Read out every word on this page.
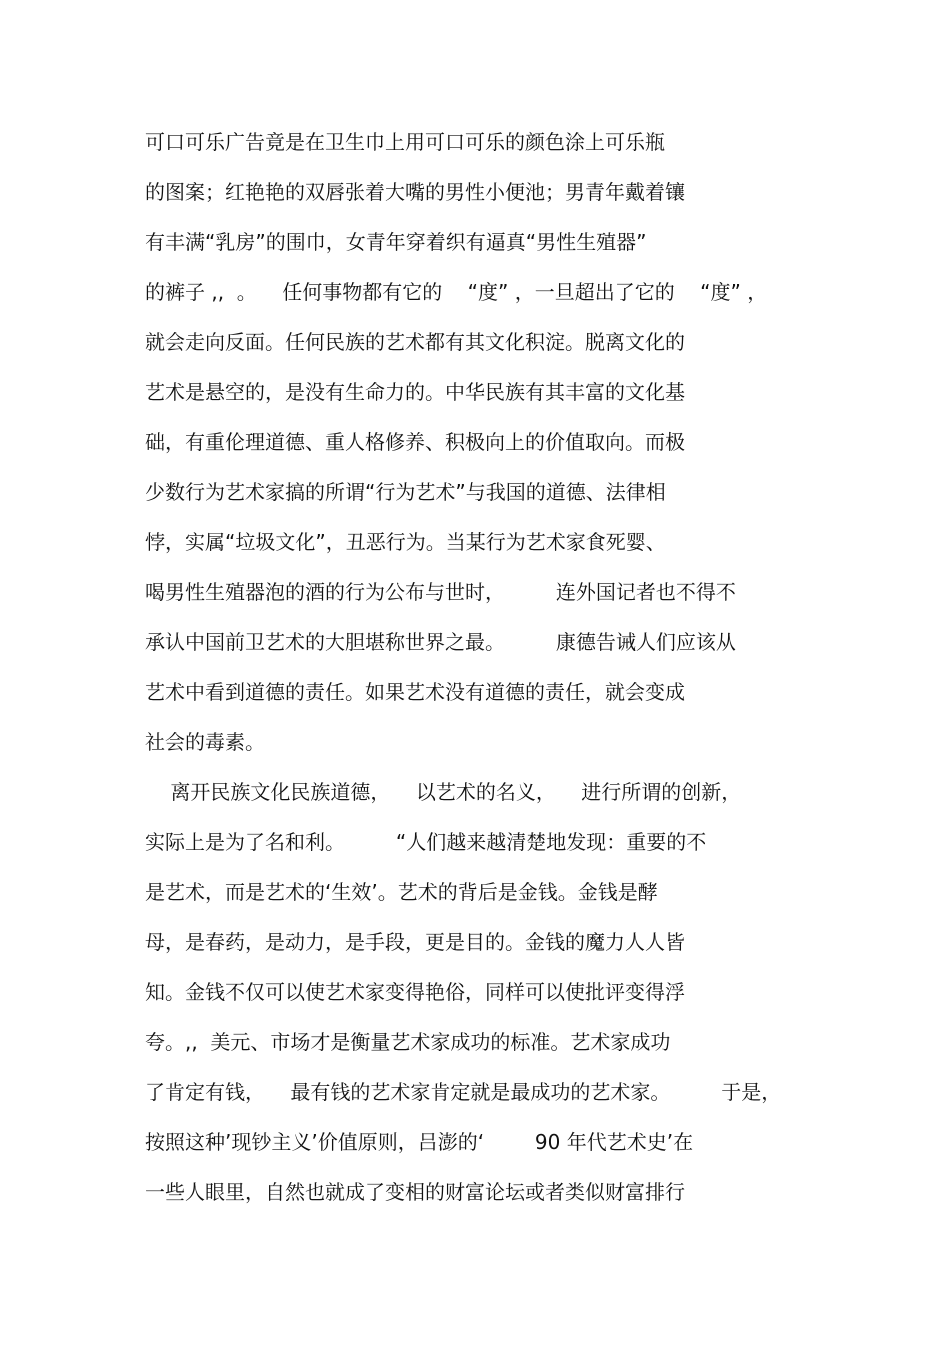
可口可乐广告竟是在卫生巾上用可口可乐的颜色涂上可乐瓶
的图案；红艳艳的双唇张着大嘴的男性小便池；男青年戴着镶
有丰满“乳房”的围巾，女青年穿着织有逼真“男性生殖器”
的裤子 ,,  。    任何事物都有它的    “度” ，一旦超出了它的    “度” ，
就会走向反面。任何民族的艺术都有其文化积淀。脱离文化的
艺术是悬空的，是没有生命力的。中华民族有其丰富的文化基
础，有重伦理道德、重人格修养、积极向上的价值取向。而极
少数行为艺术家搞的所谓“行为艺术”与我国的道德、法律相
悖，实属“垃圾文化”，丑恶行为。当某行为艺术家食死婴、
喝男性生殖器泡的酒的行为公布与世时，        连外国记者也不得不
承认中国前卫艺术的大胆堪称世界之最。        康德告诫人们应该从
艺术中看到道德的责任。如果艺术没有道德的责任，就会变成
社会的毒素。
离开民族文化民族道德，    以艺术的名义，    进行所谓的创新，
实际上是为了名和利。        “人们越来越清楚地发现：重要的不
是艺术，而是艺术的‘生效’。艺术的背后是金钱。金钱是酵
母，是春药，是动力，是手段，更是目的。金钱的魔力人人皆
知。金钱不仅可以使艺术家变得艳俗，同样可以使批评变得浮
夸。,,  美元、市场才是衡量艺术家成功的标准。艺术家成功
了肯定有钱，    最有钱的艺术家肯定就是最成功的艺术家。        于是，
按照这种’现钞主义’价值原则，吕澎的‘        90 年代艺术史’在
一些人眼里，自然也就成了变相的财富论坛或者类似财富排行
